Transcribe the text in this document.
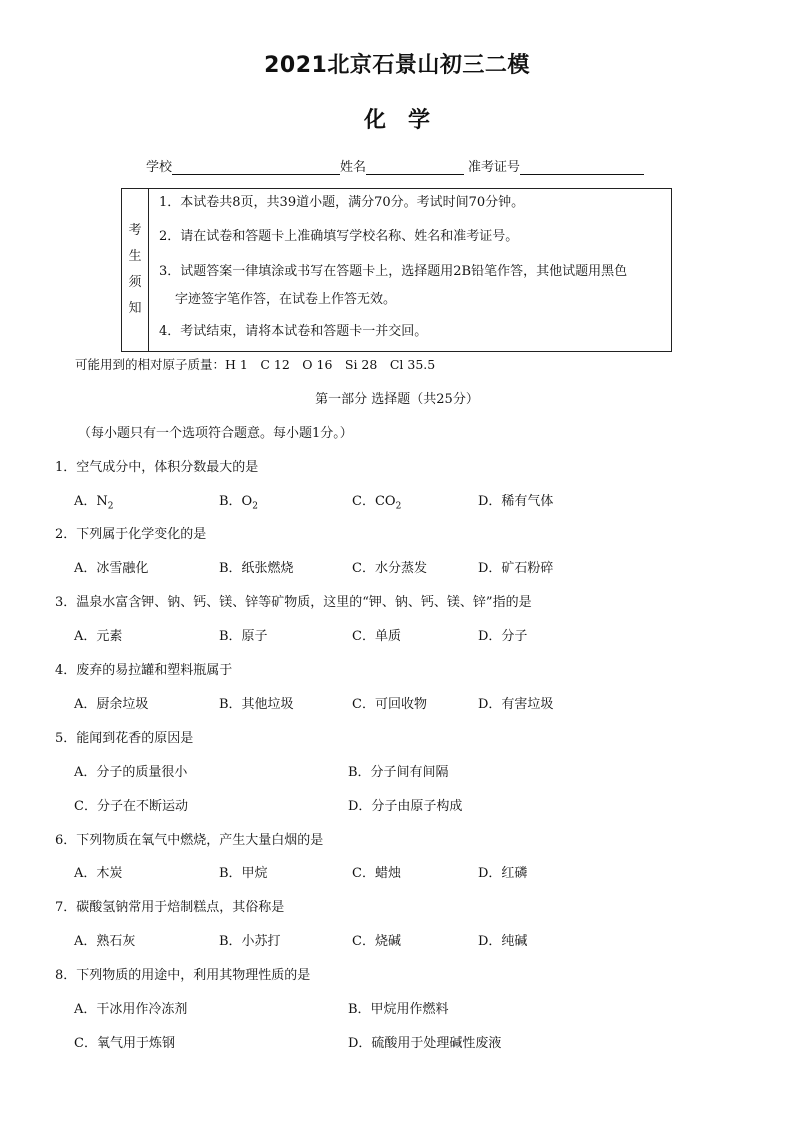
2021北京石景山初三二模
化　学
学校	姓名	准考证号
考
生
须
知
1．本试卷共8页，共39道小题，满分70分。考试时间70分钟。
2．请在试卷和答题卡上准确填写学校名称、姓名和准考证号。
3．试题答案一律填涂或书写在答题卡上，选择题用2B铅笔作答，其他试题用黑色
字迹签字笔作答，在试卷上作答无效。
4．考试结束，请将本试卷和答题卡一并交回。
可能用到的相对原子质量：H 1　C 12　O 16　Si 28　Cl 35.5
第一部分 选择题（共25分）
（每小题只有一个选项符合题意。每小题1分。）
1．空气成分中，体积分数最大的是
A．$N_2$	B．$O_2$	C．$CO_2$	D．稀有气体
2．下列属于化学变化的是
A．冰雪融化	B．纸张燃烧	C．水分蒸发	D．矿石粉碎
3．温泉水富含钾、钠、钙、镁、锌等矿物质，这里的“钾、钠、钙、镁、锌”指的是
A．元素	B．原子	C．单质	D．分子
4．废弃的易拉罐和塑料瓶属于
A．厨余垃圾	B．其他垃圾	C．可回收物	D．有害垃圾
5．能闻到花香的原因是
A．分子的质量很小	B．分子间有间隔
C．分子在不断运动	D．分子由原子构成
6．下列物质在氧气中燃烧，产生大量白烟的是
A．木炭	B．甲烷	C．蜡烛	D．红磷
7．碳酸氢钠常用于焙制糕点，其俗称是
A．熟石灰	B．小苏打	C．烧碱	D．纯碱
8．下列物质的用途中，利用其物理性质的是
A．干冰用作冷冻剂	B．甲烷用作燃料
C．氧气用于炼钢	D．硫酸用于处理碱性废液
